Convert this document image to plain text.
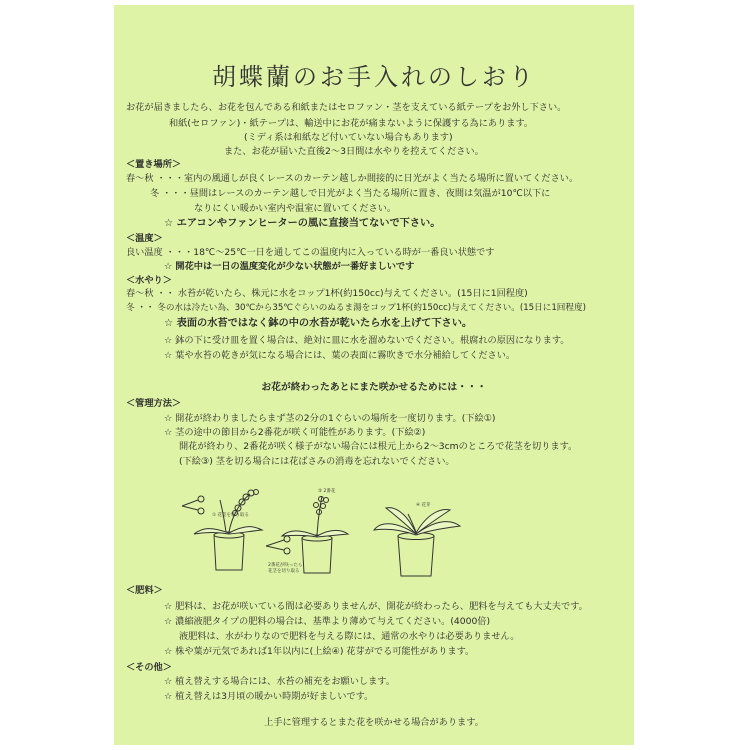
胡蝶蘭のお手入れのしおり
お花が届きましたら、お花を包んである和紙またはセロファン・茎を支えている紙テープをお外し下さい。
和紙(セロファン)・紙テープは、輸送中にお花が痛まないように保護する為にあります。
(ミディ系は和紙など付いていない場合もあります)
また、お花が届いた直後2～3日間は水やりを控えてください。
＜置き場所＞
春～秋 ・・・室内の風通しが良くレースのカーテン越しか間接的に日光がよく当たる場所に置いてください。
冬 ・・・昼間はレースのカーテン越しで日光がよく当たる場所に置き、夜間は気温が10℃以下に
なりにくい暖かい室内や温室に置いてください。
☆ エアコンやファンヒーターの風に直接当てないで下さい。
＜温度＞
良い温度 ・・・18℃～25℃一日を通してこの温度内に入っている時が一番良い状態です
☆ 開花中は一日の温度変化が少ない状態が一番好ましいです
＜水やり＞
春～秋 ・・ 水苔が乾いたら、株元に水をコップ1杯(約150cc)与えてください。(15日に1回程度)
冬 ・・ 冬の水は冷たい為、30℃から35℃ぐらいのぬるま湯をコップ1杯(約150cc)与えてください。(15日に1回程度)
☆ 表面の水苔ではなく鉢の中の水苔が乾いたら水を上げて下さい。
☆ 鉢の下に受け皿を置く場合は、絶対に皿に水を溜めないでください。根腐れの原因になります。
☆ 葉や水苔の乾きが気になる場合には、葉の表面に霧吹きで水分補給してください。
お花が終わったあとにまた咲かせるためには・・・
＜管理方法＞
☆ 開花が終わりましたらまず茎の2分の1ぐらいの場所を一度切ります。(下絵①)
☆ 茎の途中の節目から2番花が咲く可能性があります。(下絵②)
開花が終わり、2番花が咲く様子がない場合には根元上から2～3cmのところで花茎を切ります。
(下絵③) 茎を切る場合には花ばさみの消毒を忘れないでください。
＜肥料＞
☆ 肥料は、お花が咲いている間は必要ありませんが、開花が終わったら、肥料を与えても大丈夫です。
☆ 濃縮液肥タイプの肥料の場合は、基準より薄めて与えてください。(4000倍)
液肥料は、水がわりなので肥料を与える際には、通常の水やりは必要ありません。
☆ 株や葉が元気であれば1年以内に(上絵④) 花芽がでる可能性があります。
＜その他＞
☆ 植え替えする場合には、水苔の補充をお願いします。
☆ 植え替えは3月頃の暖かい時期が好ましいです。
上手に管理するとまた花を咲かせる場合があります。
① 花茎を切り取る
② 2番花
2番花が咲ったら
花茎を切り取る
④ 花芽
